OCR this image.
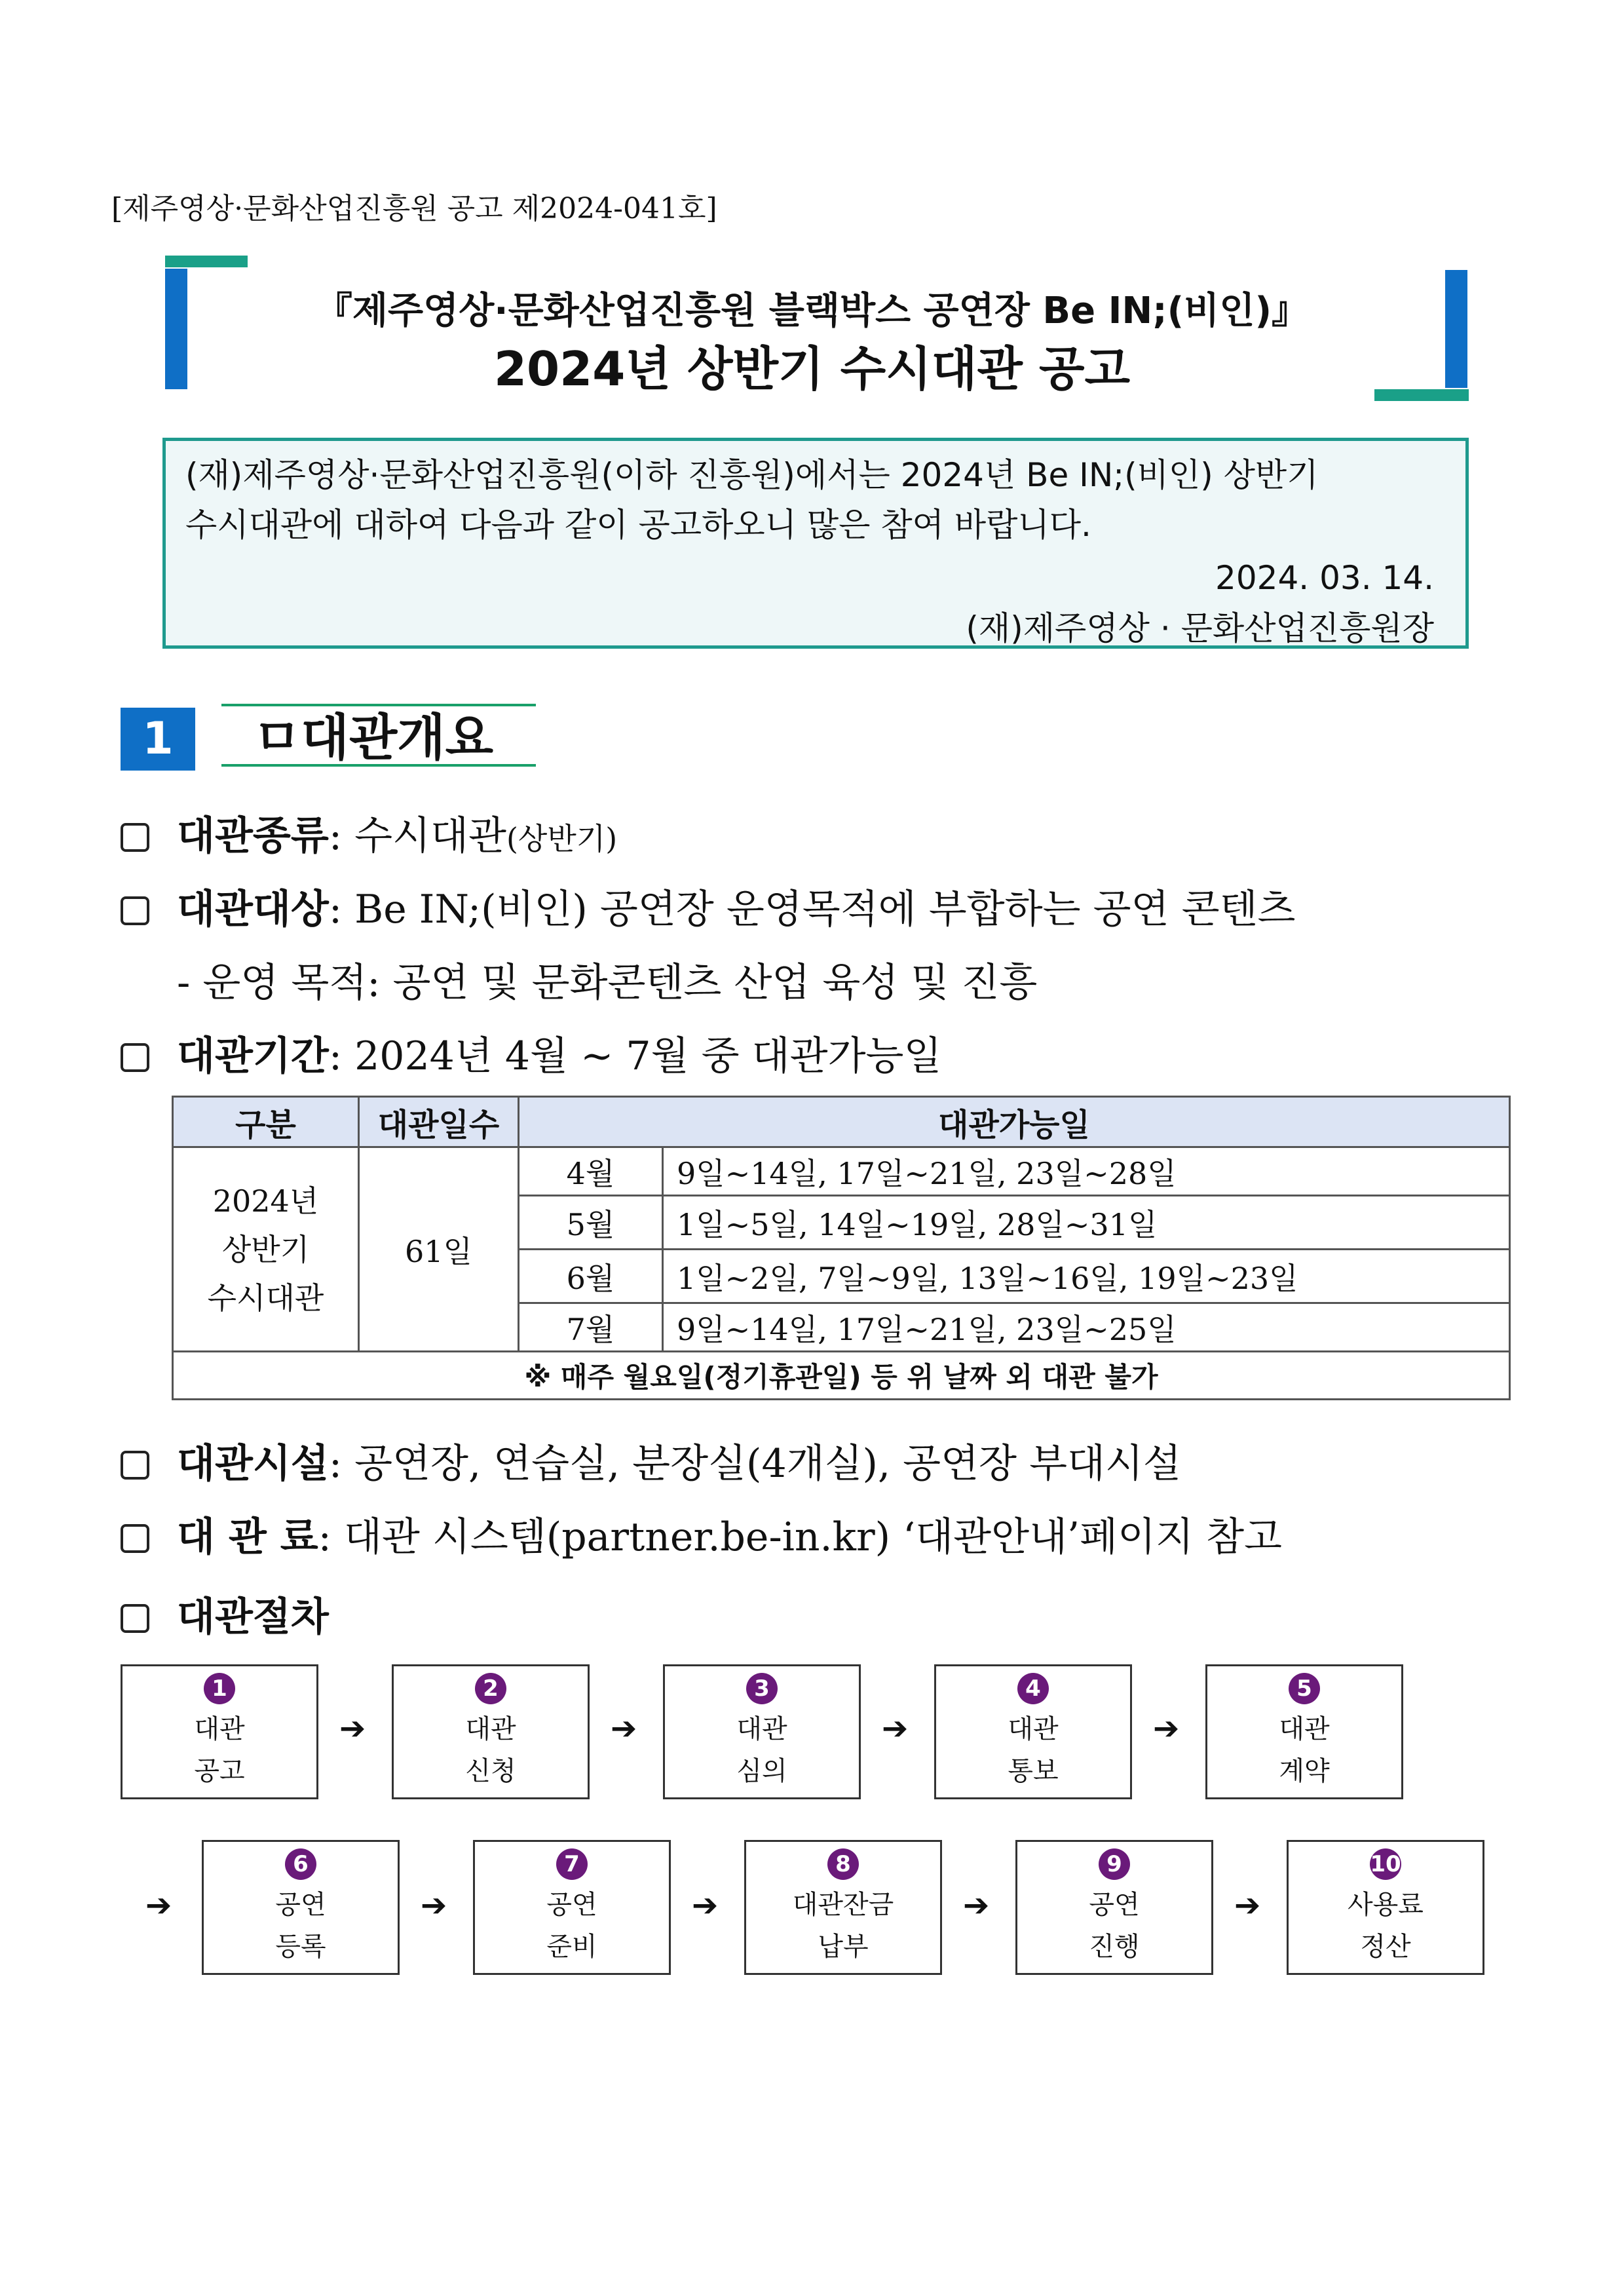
[제주영상·문화산업진흥원 공고 제2024-041호]
『제주영상·문화산업진흥원 블랙박스 공연장 Be IN;(비인)』
2024년 상반기 수시대관 공고
(재)제주영상·문화산업진흥원(이하 진흥원)에서는 2024년 Be IN;(비인) 상반기
수시대관에 대하여 다음과 같이 공고하오니 많은 참여 바랍니다.
2024. 03. 14.
(재)제주영상 · 문화산업진흥원장
1	ㅁ대관개요
대관종류: 수시대관(상반기)
대관대상: Be IN;(비인) 공연장 운영목적에 부합하는 공연 콘텐츠
- 운영 목적: 공연 및 문화콘텐츠 산업 육성 및 진흥
대관기간: 2024년 4월 ~ 7월 중 대관가능일
구분	대관일수	대관가능일	

2024년
상반기
수시대관	61일	4월	9일~14일, 17일~21일, 23일~28일
		5월	1일~5일, 14일~19일, 28일~31일
		6월	1일~2일, 7일~9일, 13일~16일, 19일~23일
		7월	9일~14일, 17일~21일, 23일~25일
※ 매주 월요일(정기휴관일) 등 위 날짜 외 대관 불가			
대관시설: 공연장, 연습실, 분장실(4개실), 공연장 부대시설
대 관 료: 대관 시스템(partner.be-in.kr) ‘대관안내’페이지 참고
대관절차
1
대관
공고
➔
2
대관
신청
➔
3
대관
심의
➔
4
대관
통보
➔
5
대관
계약
➔
6
공연
등록
➔
7
공연
준비
➔
8
대관잔금
납부
➔
9
공연
진행
➔
10
사용료
정산
